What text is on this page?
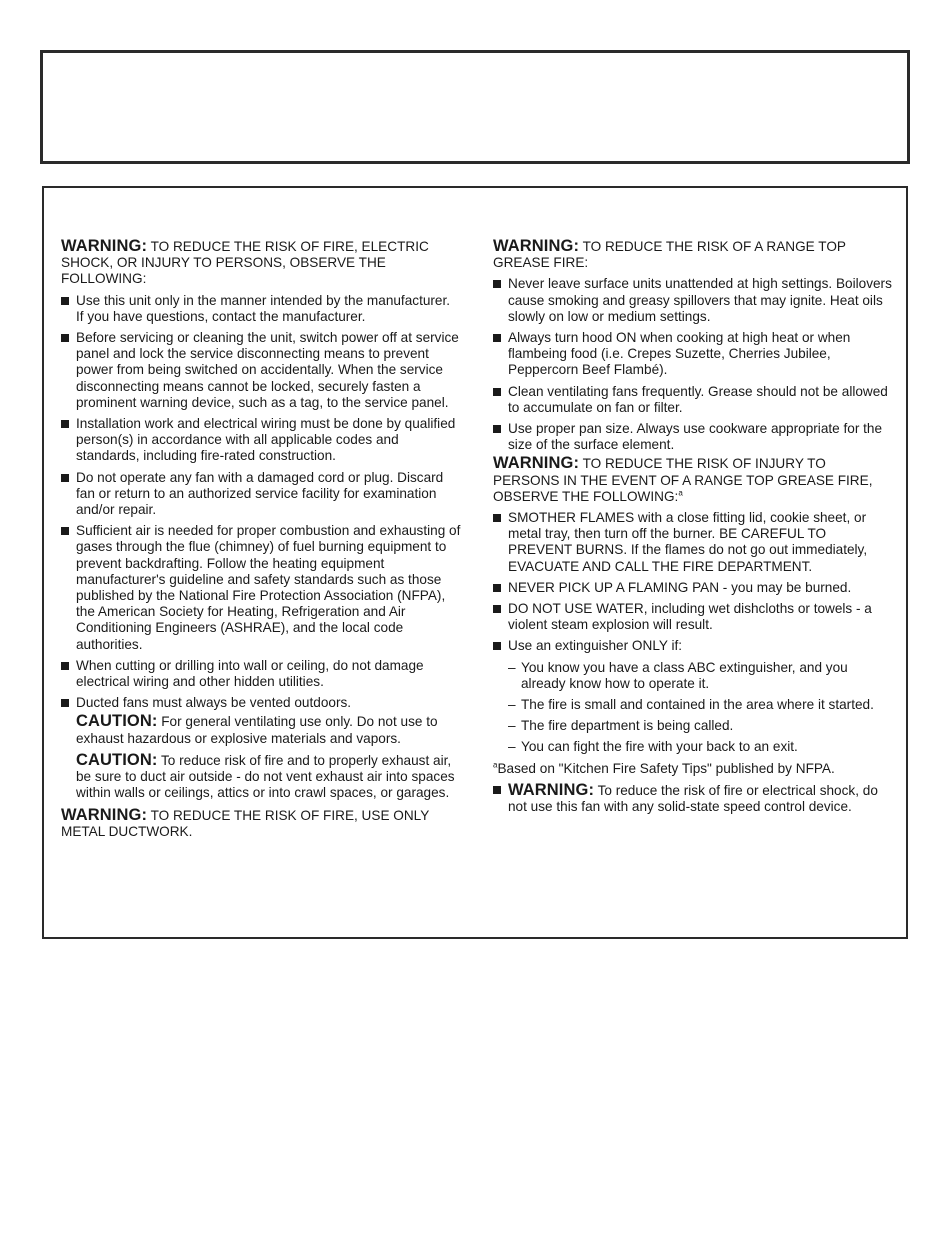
WARNING: TO REDUCE THE RISK OF FIRE, ELECTRIC SHOCK, OR INJURY TO PERSONS, OBSERVE THE FOLLOWING:

Use this unit only in the manner intended by the manufacturer. If you have questions, contact the manufacturer.
Before servicing or cleaning the unit, switch power off at service panel and lock the service disconnecting means to prevent power from being switched on accidentally. When the service disconnecting means cannot be locked, securely fasten a prominent warning device, such as a tag, to the service panel.
Installation work and electrical wiring must be done by qualified person(s) in accordance with all applicable codes and standards, including fire-rated construction.
Do not operate any fan with a damaged cord or plug. Discard fan or return to an authorized service facility for examination and/or repair.
Sufficient air is needed for proper combustion and exhausting of gases through the flue (chimney) of fuel burning equipment to prevent backdrafting. Follow the heating equipment manufacturer's guideline and safety standards such as those published by the National Fire Protection Association (NFPA), the American Society for Heating, Refrigeration and Air Conditioning Engineers (ASHRAE), and the local code authorities.
When cutting or drilling into wall or ceiling, do not damage electrical wiring and other hidden utilities.
Ducted fans must always be vented outdoors.

CAUTION: For general ventilating use only. Do not use to exhaust hazardous or explosive materials and vapors.

CAUTION: To reduce risk of fire and to properly exhaust air, be sure to duct air outside - do not vent exhaust air into spaces within walls or ceilings, attics or into crawl spaces, or garages.

WARNING: TO REDUCE THE RISK OF FIRE, USE ONLY METAL DUCTWORK.

WARNING: TO REDUCE THE RISK OF A RANGE TOP GREASE FIRE:

Never leave surface units unattended at high settings. Boilovers cause smoking and greasy spillovers that may ignite. Heat oils slowly on low or medium settings.
Always turn hood ON when cooking at high heat or when flambeing food (i.e. Crepes Suzette, Cherries Jubilee, Peppercorn Beef Flambé).
Clean ventilating fans frequently. Grease should not be allowed to accumulate on fan or filter.
Use proper pan size. Always use cookware appropriate for the size of the surface element.

WARNING: TO REDUCE THE RISK OF INJURY TO PERSONS IN THE EVENT OF A RANGE TOP GREASE FIRE, OBSERVE THE FOLLOWING:$^a$

SMOTHER FLAMES with a close fitting lid, cookie sheet, or metal tray, then turn off the burner. BE CAREFUL TO PREVENT BURNS. If the flames do not go out immediately, EVACUATE AND CALL THE FIRE DEPARTMENT.
NEVER PICK UP A FLAMING PAN - you may be burned.
DO NOT USE WATER, including wet dishcloths or towels - a violent steam explosion will result.
Use an extinguisher ONLY if:
– You know you have a class ABC extinguisher, and you already know how to operate it.
– The fire is small and contained in the area where it started.
– The fire department is being called.
– You can fight the fire with your back to an exit.

$^a$Based on "Kitchen Fire Safety Tips" published by NFPA.

WARNING: To reduce the risk of fire or electrical shock, do not use this fan with any solid-state speed control device.
